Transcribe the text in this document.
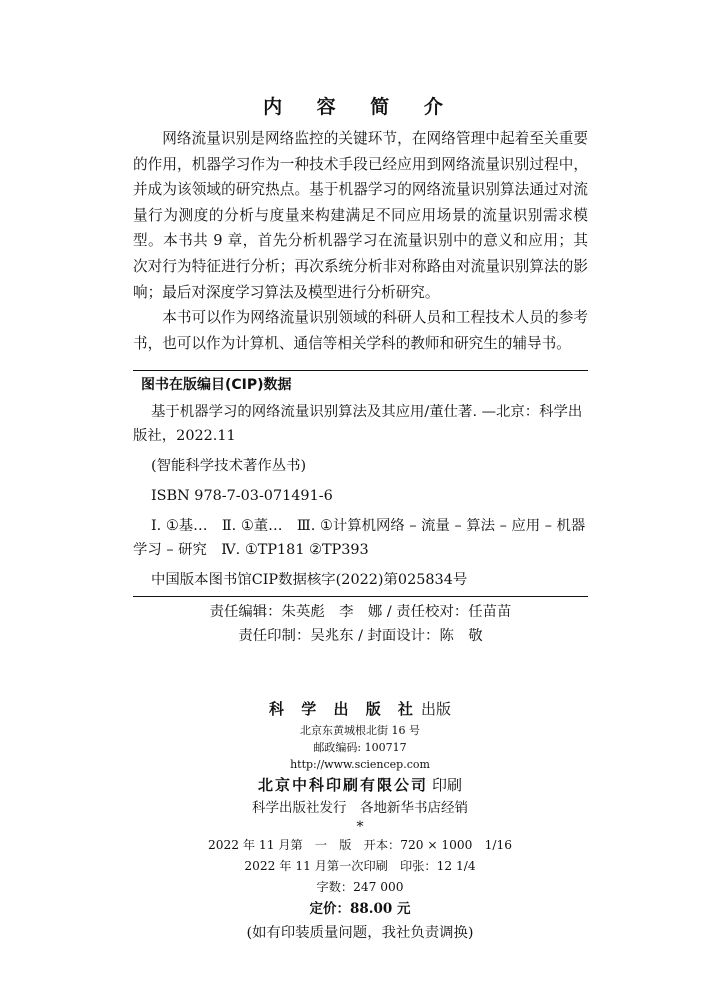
内 容 简 介

网络流量识别是网络监控的关键环节，在网络管理中起着至关重要的作用，机器学习作为一种技术手段已经应用到网络流量识别过程中，并成为该领域的研究热点。基于机器学习的网络流量识别算法通过对流量行为测度的分析与度量来构建满足不同应用场景的流量识别需求模型。本书共 9 章，首先分析机器学习在流量识别中的意义和应用；其次对行为特征进行分析；再次系统分析非对称路由对流量识别算法的影响；最后对深度学习算法及模型进行分析研究。

本书可以作为网络流量识别领域的科研人员和工程技术人员的参考书，也可以作为计算机、通信等相关学科的教师和研究生的辅导书。

图书在版编目(CIP)数据
基于机器学习的网络流量识别算法及其应用/董仕著. —北京：科学出版社，2022.11
(智能科学技术著作丛书)
ISBN 978-7-03-071491-6
Ⅰ. ①基…　Ⅱ. ①董…　Ⅲ. ①计算机网络 – 流量 – 算法 – 应用 – 机器学习 – 研究　Ⅳ. ①TP181 ②TP393
中国版本图书馆CIP数据核字(2022)第025834号
责任编辑：朱英彪　李　娜 / 责任校对：任苗苗
责任印制：吴兆东 / 封面设计：陈　敬
科 学 出 版 社 出版
北京东黄城根北街 16 号
邮政编码: 100717
http://www.sciencep.com
北京中科印刷有限公司 印刷
科学出版社发行　各地新华书店经销
*
2022 年 11 月第　一　版　开本：720 × 1000　1/16
2022 年 11 月第一次印刷　印张：12 1/4
字数：247 000
定价：88.00 元
(如有印装质量问题，我社负责调换)
